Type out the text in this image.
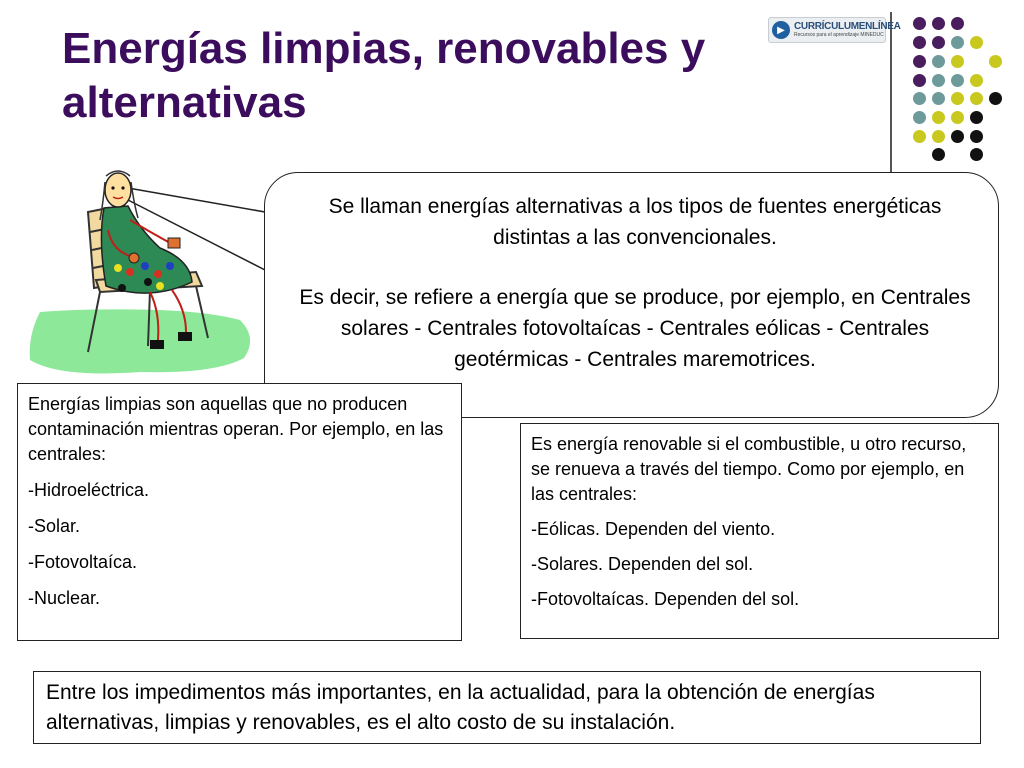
Energías limpias, renovables y alternativas
▶ CURRÍCULUMENLÍNEA
Recursos para el aprendizaje MINEDUC

Se llaman energías alternativas a los tipos de fuentes energéticas distintas a las convencionales.

Es decir, se refiere a energía que se produce, por ejemplo, en Centrales solares - Centrales fotovoltaícas - Centrales eólicas - Centrales geotérmicas - Centrales maremotrices.

Energías limpias son aquellas que no producen contaminación mientras operan. Por ejemplo, en las centrales:

-Hidroeléctrica.

-Solar.

-Fotovoltaíca.

-Nuclear.

Es energía renovable si el combustible, u otro recurso, se renueva a través del tiempo. Como por ejemplo, en las centrales:

-Eólicas. Dependen del viento.

-Solares. Dependen del sol.

-Fotovoltaícas. Dependen del sol.

Entre los impedimentos más importantes, en la actualidad, para la obtención de energías alternativas, limpias y renovables, es el alto costo de su instalación.
